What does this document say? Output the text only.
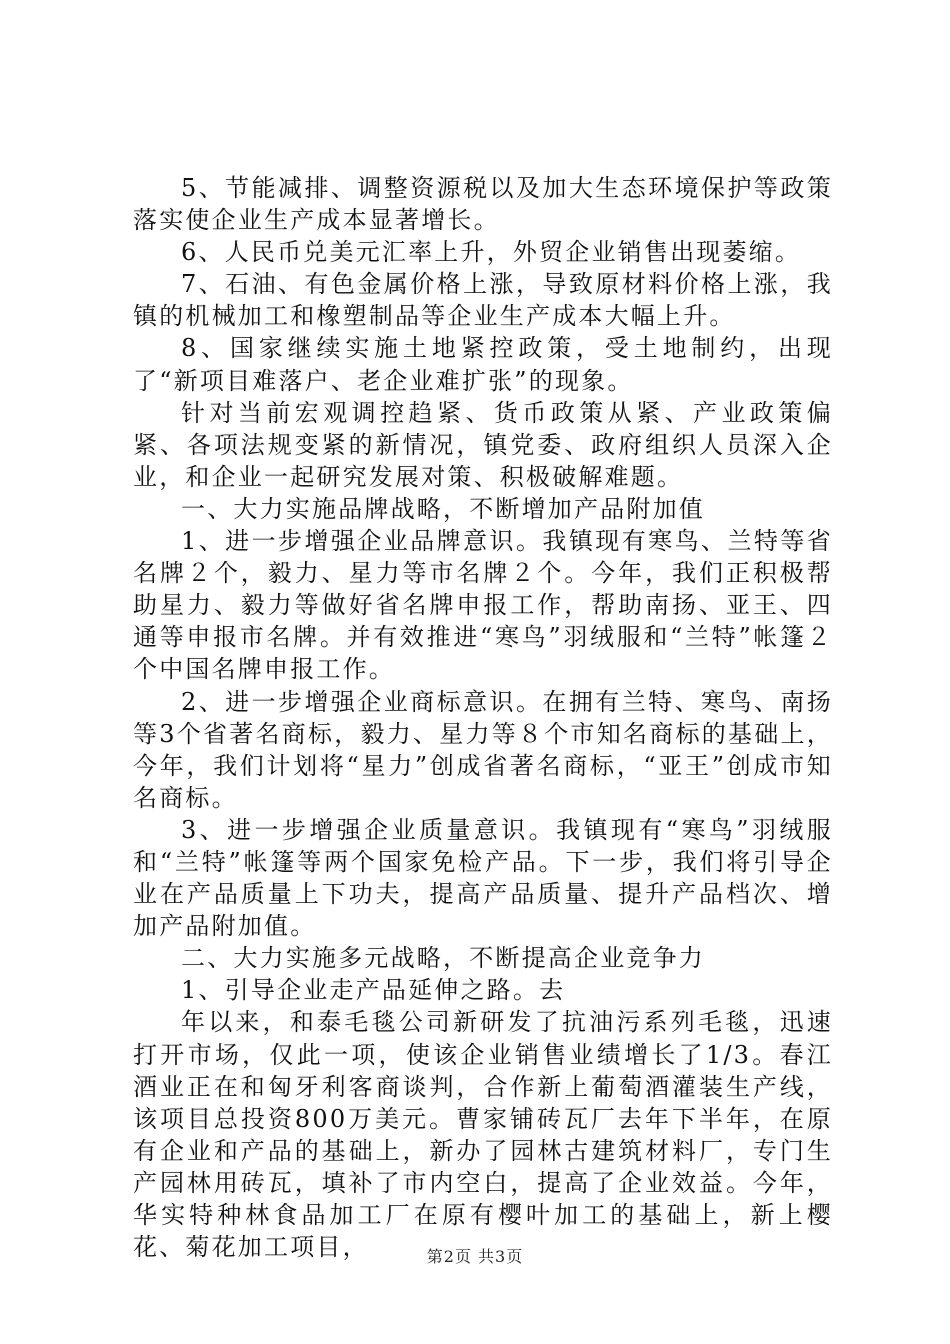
5、节能减排、调整资源税以及加大生态环境保护等政策落实使企业生产成本显著增长。

6、人民币兑美元汇率上升，外贸企业销售出现萎缩。

7、石油、有色金属价格上涨，导致原材料价格上涨，我镇的机械加工和橡塑制品等企业生产成本大幅上升。

8、国家继续实施土地紧控政策，受土地制约，出现了“新项目难落户、老企业难扩张”的现象。

针对当前宏观调控趋紧、货币政策从紧、产业政策偏紧、各项法规变紧的新情况，镇党委、政府组织人员深入企业，和企业一起研究发展对策、积极破解难题。

一、大力实施品牌战略，不断增加产品附加值

1、进一步增强企业品牌意识。我镇现有寒鸟、兰特等省名牌２个，毅力、星力等市名牌２个。今年，我们正积极帮助星力、毅力等做好省名牌申报工作，帮助南扬、亚王、四通等申报市名牌。并有效推进“寒鸟”羽绒服和“兰特”帐篷２个中国名牌申报工作。

2、进一步增强企业商标意识。在拥有兰特、寒鸟、南扬等3个省著名商标，毅力、星力等８个市知名商标的基础上，今年，我们计划将“星力”创成省著名商标，“亚王”创成市知名商标。

3、进一步增强企业质量意识。我镇现有“寒鸟”羽绒服和“兰特”帐篷等两个国家免检产品。下一步，我们将引导企业在产品质量上下功夫，提高产品质量、提升产品档次、增加产品附加值。

二、大力实施多元战略，不断提高企业竞争力

1、引导企业走产品延伸之路。去

年以来，和泰毛毯公司新研发了抗油污系列毛毯，迅速打开市场，仅此一项，使该企业销售业绩增长了1/3。春江酒业正在和匈牙利客商谈判，合作新上葡萄酒灌装生产线，该项目总投资800万美元。曹家铺砖瓦厂去年下半年，在原有企业和产品的基础上，新办了园林古建筑材料厂，专门生产园林用砖瓦，填补了市内空白，提高了企业效益。今年，华实特种林食品加工厂在原有樱叶加工的基础上，新上樱花、菊花加工项目，	第2页 共3页
